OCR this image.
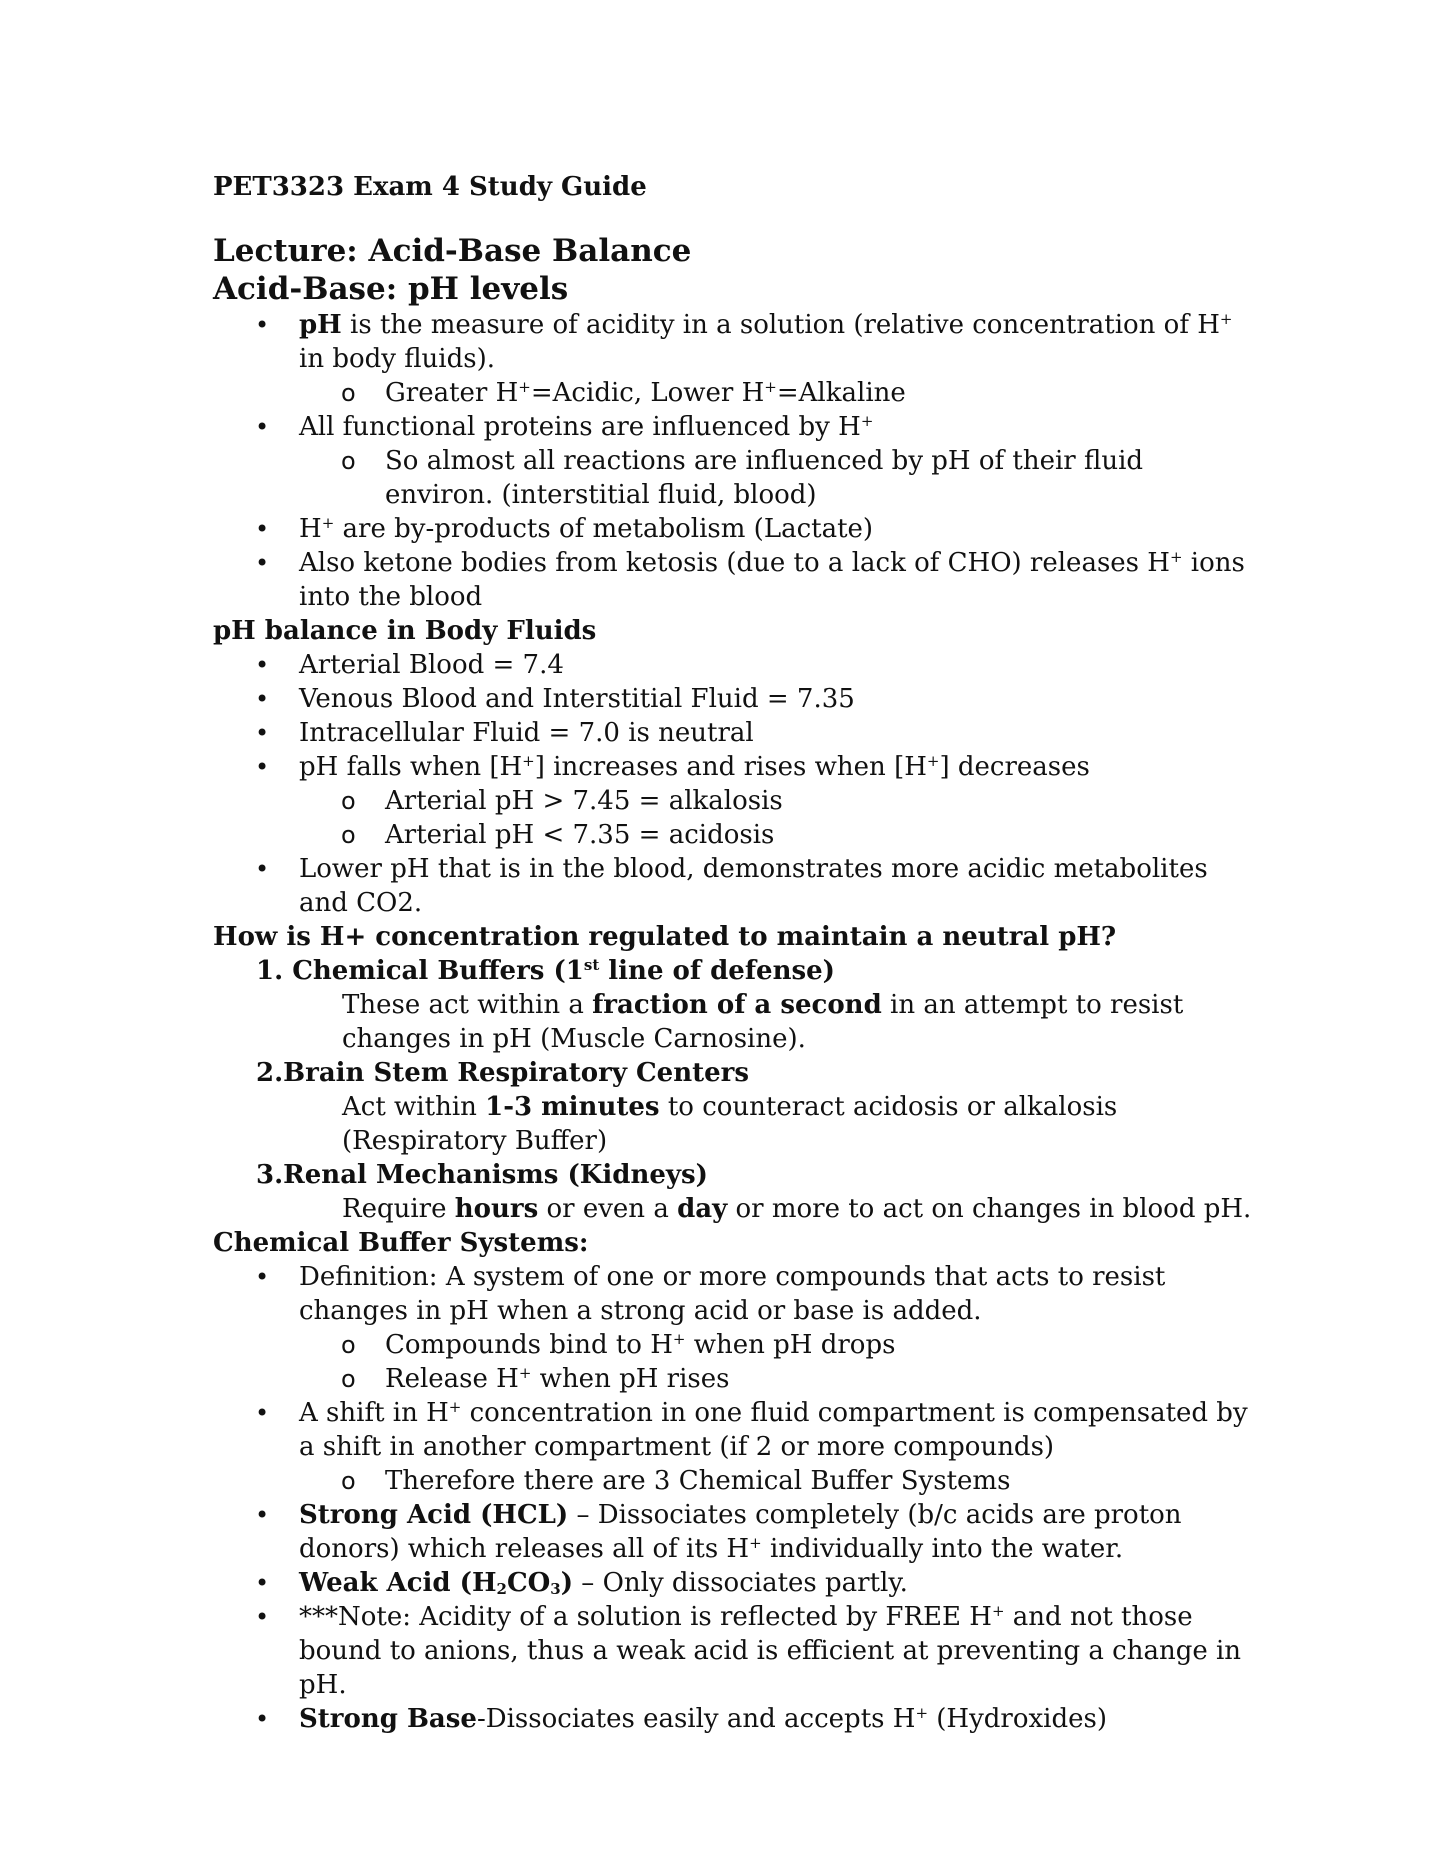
PET3323 Exam 4 Study Guide
Lecture: Acid-Base Balance
Acid-Base: pH levels
• pH is the measure of acidity in a solution (relative concentration of H+ in body fluids).
o Greater H+=Acidic, Lower H+=Alkaline
• All functional proteins are influenced by H+
o So almost all reactions are influenced by pH of their fluid environ. (interstitial fluid, blood)
• H+ are by-products of metabolism (Lactate)
• Also ketone bodies from ketosis (due to a lack of CHO) releases H+ ions into the blood
pH balance in Body Fluids
• Arterial Blood = 7.4
• Venous Blood and Interstitial Fluid = 7.35
• Intracellular Fluid = 7.0 is neutral
• pH falls when [H+] increases and rises when [H+] decreases
o Arterial pH > 7.45 = alkalosis
o Arterial pH < 7.35 = acidosis
• Lower pH that is in the blood, demonstrates more acidic metabolites and CO2.
How is H+ concentration regulated to maintain a neutral pH?
1. Chemical Buffers (1st line of defense)
These act within a fraction of a second in an attempt to resist changes in pH (Muscle Carnosine).
2.Brain Stem Respiratory Centers
Act within 1-3 minutes to counteract acidosis or alkalosis (Respiratory Buffer)
3.Renal Mechanisms (Kidneys)
Require hours or even a day or more to act on changes in blood pH.
Chemical Buffer Systems:
• Definition: A system of one or more compounds that acts to resist changes in pH when a strong acid or base is added.
o Compounds bind to H+ when pH drops
o Release H+ when pH rises
• A shift in H+ concentration in one fluid compartment is compensated by a shift in another compartment (if 2 or more compounds)
o Therefore there are 3 Chemical Buffer Systems
• Strong Acid (HCL) – Dissociates completely (b/c acids are proton donors) which releases all of its H+ individually into the water.
• Weak Acid $(H_2CO_3)$ – Only dissociates partly.
• ***Note: Acidity of a solution is reflected by FREE H+ and not those bound to anions, thus a weak acid is efficient at preventing a change in pH.
• Strong Base-Dissociates easily and accepts H+ (Hydroxides)
